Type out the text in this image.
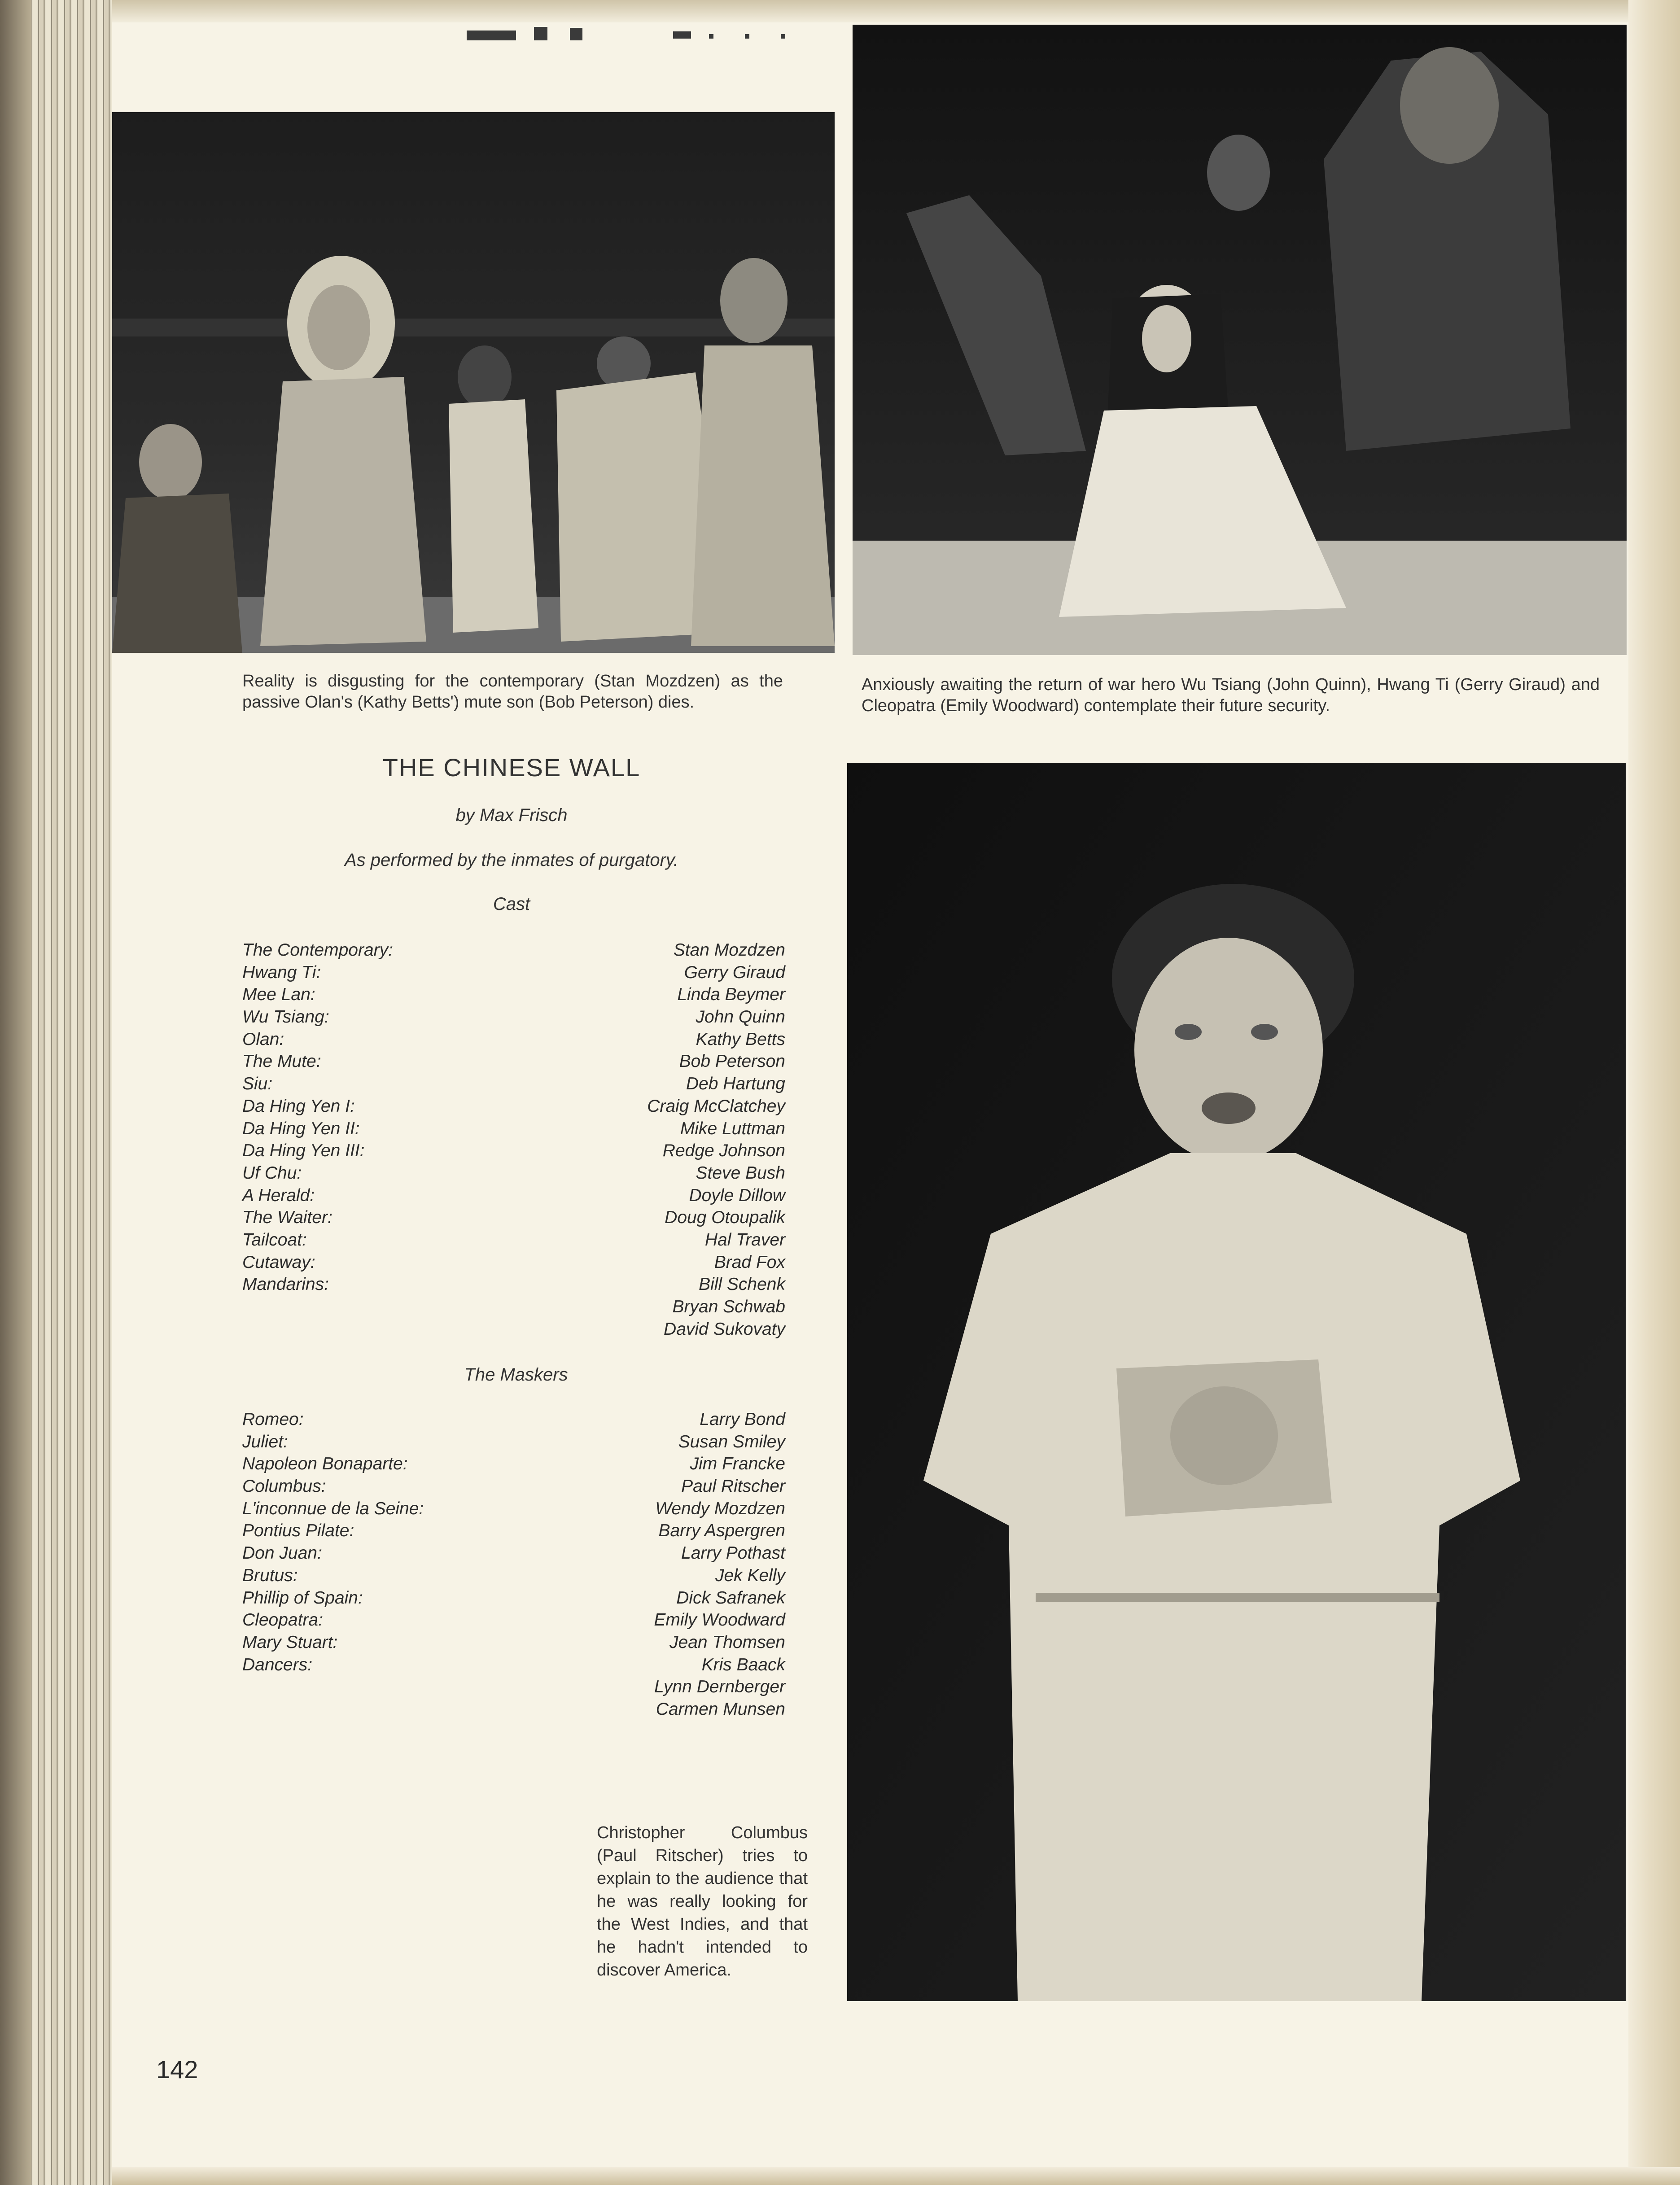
Reality is disgusting for the contemporary (Stan Mozdzen) as the passive Olan's (Kathy Betts') mute son (Bob Peterson) dies.
Anxiously awaiting the return of war hero Wu Tsiang (John Quinn), Hwang Ti (Gerry Giraud) and Cleopatra (Emily Woodward) contemplate their future security.
THE CHINESE WALL
by Max Frisch
As performed by the inmates of purgatory.
Cast
The Contemporary:	Stan Mozdzen
Hwang Ti:	Gerry Giraud
Mee Lan:	Linda Beymer
Wu Tsiang:	John Quinn
Olan:	Kathy Betts
The Mute:	Bob Peterson
Siu:	Deb Hartung
Da Hing Yen I:	Craig McClatchey
Da Hing Yen II:	Mike Luttman
Da Hing Yen III:	Redge Johnson
Uf Chu:	Steve Bush
A Herald:	Doyle Dillow
The Waiter:	Doug Otoupalik
Tailcoat:	Hal Traver
Cutaway:	Brad Fox
Mandarins:	Bill Schenk
Bryan Schwab
David Sukovaty
The Maskers
Romeo:	Larry Bond
Juliet:	Susan Smiley
Napoleon Bonaparte:	Jim Francke
Columbus:	Paul Ritscher
L'inconnue de la Seine:	Wendy Mozdzen
Pontius Pilate:	Barry Aspergren
Don Juan:	Larry Pothast
Brutus:	Jek Kelly
Phillip of Spain:	Dick Safranek
Cleopatra:	Emily Woodward
Mary Stuart:	Jean Thomsen
Dancers:	Kris Baack
Lynn Dernberger
Carmen Munsen
Christopher Columbus (Paul Ritscher) tries to explain to the audience that he was really looking for the West Indies, and that he hadn't intended to discover America.
142
